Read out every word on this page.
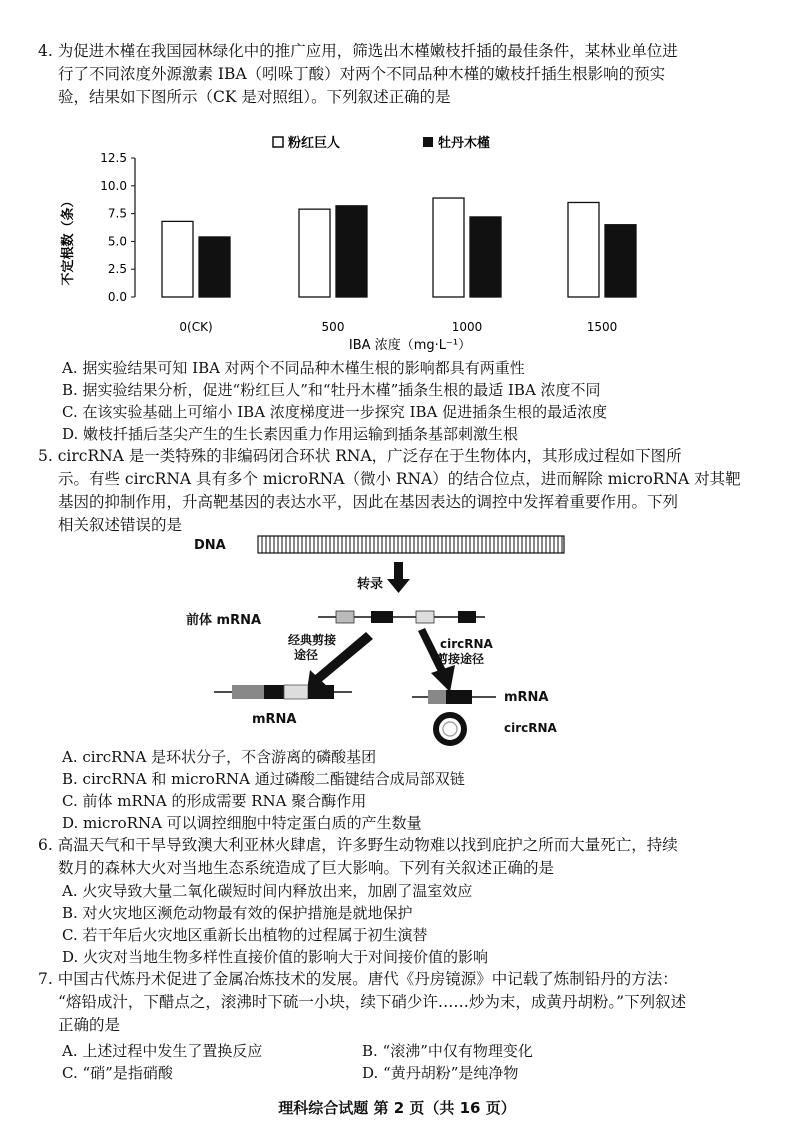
4. 为促进木槿在我国园林绿化中的推广应用，筛选出木槿嫩枝扦插的最佳条件，某林业单位进
行了不同浓度外源激素 IBA（吲哚丁酸）对两个不同品种木槿的嫩枝扦插生根影响的预实
验，结果如下图所示（CK 是对照组）。下列叙述正确的是
粉红巨人	牡丹木槿
不定根数（条）
12.5
10.0
7.5
5.0
2.5
0.0
0(CK)	500	1000	1500
IBA 浓度（mg·L⁻¹）
A. 据实验结果可知 IBA 对两个不同品种木槿生根的影响都具有两重性
B. 据实验结果分析，促进“粉红巨人”和“牡丹木槿”插条生根的最适 IBA 浓度不同
C. 在该实验基础上可缩小 IBA 浓度梯度进一步探究 IBA 促进插条生根的最适浓度
D. 嫩枝扦插后茎尖产生的生长素因重力作用运输到插条基部刺激生根
5. circRNA 是一类特殊的非编码闭合环状 RNA，广泛存在于生物体内，其形成过程如下图所
示。有些 circRNA 具有多个 microRNA（微小 RNA）的结合位点，进而解除 microRNA 对其靶
基因的抑制作用，升高靶基因的表达水平，因此在基因表达的调控中发挥着重要作用。下列
相关叙述错误的是
DNA
转录
前体 mRNA
经典剪接
途径
circRNA
剪接途径
mRNA
mRNA
circRNA
A. circRNA 是环状分子，不含游离的磷酸基团
B. circRNA 和 microRNA 通过磷酸二酯键结合成局部双链
C. 前体 mRNA 的形成需要 RNA 聚合酶作用
D. microRNA 可以调控细胞中特定蛋白质的产生数量
6. 高温天气和干旱导致澳大利亚林火肆虐，许多野生动物难以找到庇护之所而大量死亡，持续
数月的森林大火对当地生态系统造成了巨大影响。下列有关叙述正确的是
A. 火灾导致大量二氧化碳短时间内释放出来，加剧了温室效应
B. 对火灾地区濒危动物最有效的保护措施是就地保护
C. 若干年后火灾地区重新长出植物的过程属于初生演替
D. 火灾对当地生物多样性直接价值的影响大于对间接价值的影响
7. 中国古代炼丹术促进了金属冶炼技术的发展。唐代《丹房镜源》中记载了炼制铅丹的方法：
“熔铅成汁，下醋点之，滚沸时下硫一小块，续下硝少许……炒为末，成黄丹胡粉。”下列叙述
正确的是
A. 上述过程中发生了置换反应	B. “滚沸”中仅有物理变化
C. “硝”是指硝酸	D. “黄丹胡粉”是纯净物
理科综合试题 第 2 页（共 16 页）
